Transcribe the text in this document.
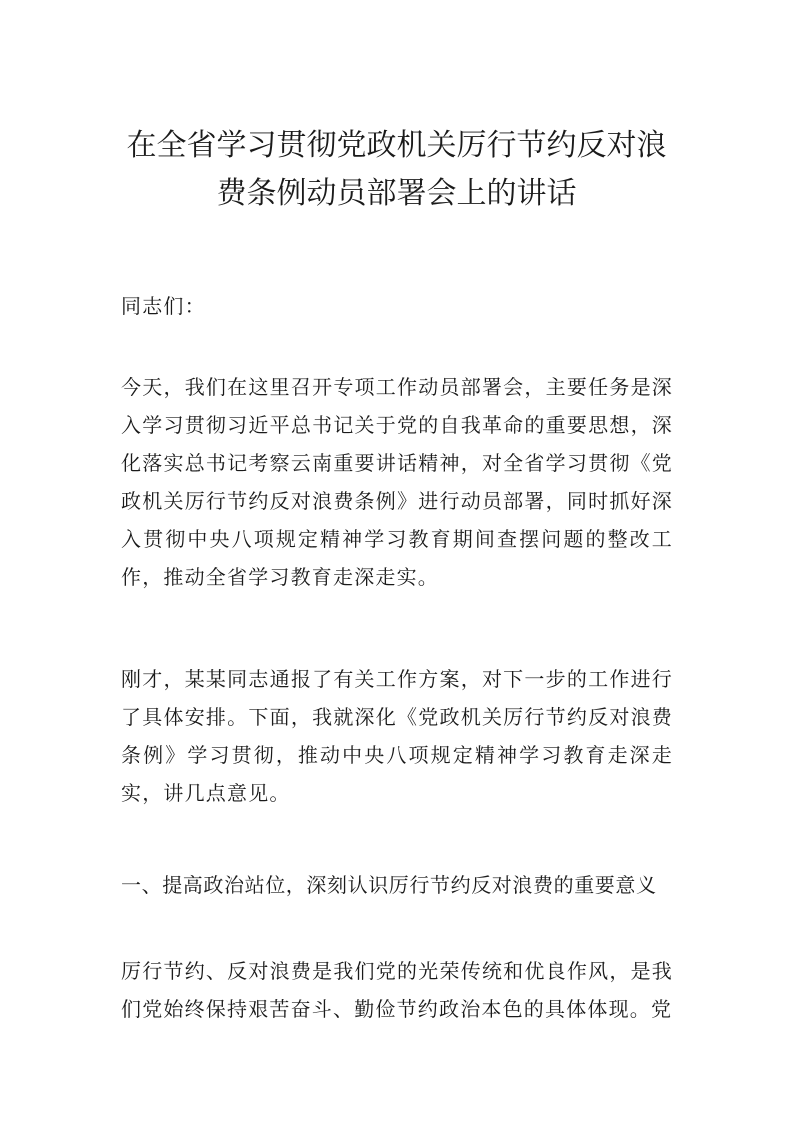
在全省学习贯彻党政机关厉行节约反对浪
费条例动员部署会上的讲话

同志们：

今天，我们在这里召开专项工作动员部署会，主要任务是深入学习贯彻习近平总书记关于党的自我革命的重要思想，深化落实总书记考察云南重要讲话精神，对全省学习贯彻《党政机关厉行节约反对浪费条例》进行动员部署，同时抓好深入贯彻中央八项规定精神学习教育期间查摆问题的整改工作，推动全省学习教育走深走实。

刚才，某某同志通报了有关工作方案，对下一步的工作进行了具体安排。下面，我就深化《党政机关厉行节约反对浪费条例》学习贯彻，推动中央八项规定精神学习教育走深走实，讲几点意见。

一、提高政治站位，深刻认识厉行节约反对浪费的重要意义

厉行节约、反对浪费是我们党的光荣传统和优良作风，是我们党始终保持艰苦奋斗、勤俭节约政治本色的具体体现。党
